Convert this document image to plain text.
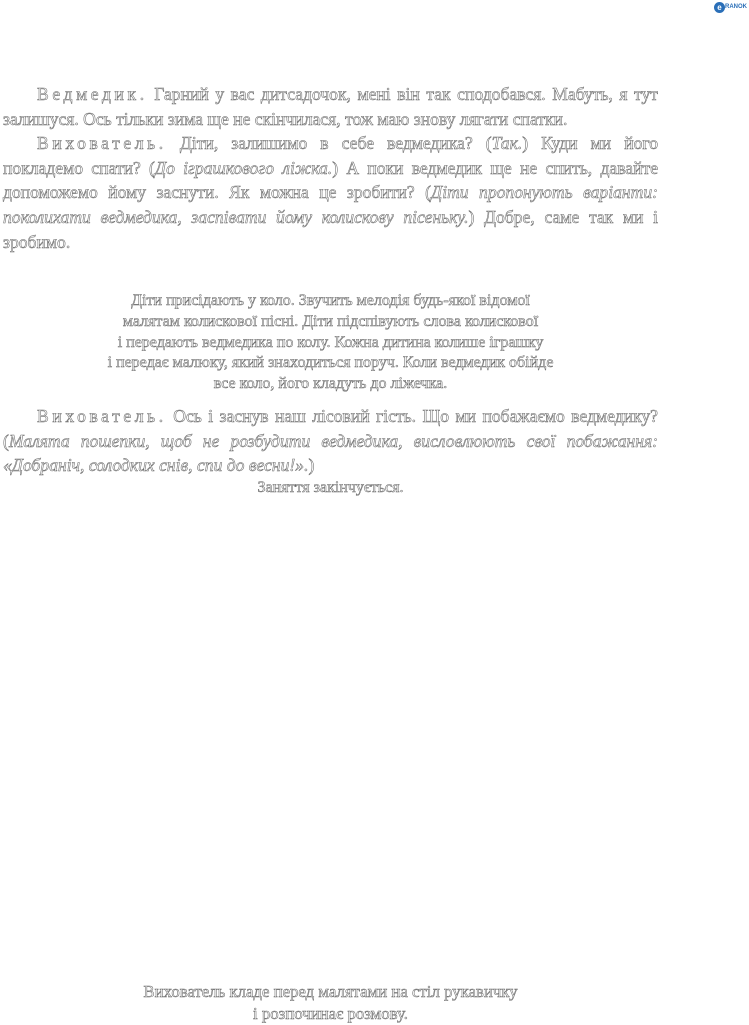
e RANOK

Ведмедик. Гарний у вас дитсадочок, мені він так сподобався. Мабуть, я тут залишуся. Ось тільки зима ще не скінчилася, тож маю знову лягати спатки.

Вихователь. Діти, залишимо в себе ведмедика? (Так.) Куди ми його покладемо спати? (До іграшкового ліжка.) А поки ведмедик ще не спить, давайте допоможемо йому заснути. Як можна це зробити? (Діти пропонують варіанти: поколихати ведмедика, заспівати йому колискову пісеньку.) Добре, саме так ми і зробимо.

Діти присідають у коло. Звучить мелодія будь-якої відомої
малятам колискової пісні. Діти підспівують слова колискової
і передають ведмедика по колу. Кожна дитина колише іграшку
і передає малюку, який знаходиться поруч. Коли ведмедик обійде
все коло, його кладуть до ліжечка.

Вихователь. Ось і заснув наш лісовий гість. Що ми побажаємо ведмедику? (Малята пошепки, щоб не розбудити ведмедика, висловлюють свої побажання: «Добраніч, солодких снів, спи до весни!».)

Заняття закінчується.

Вихователь кладе перед малятами на стіл рукавичку
і розпочинає розмову.
